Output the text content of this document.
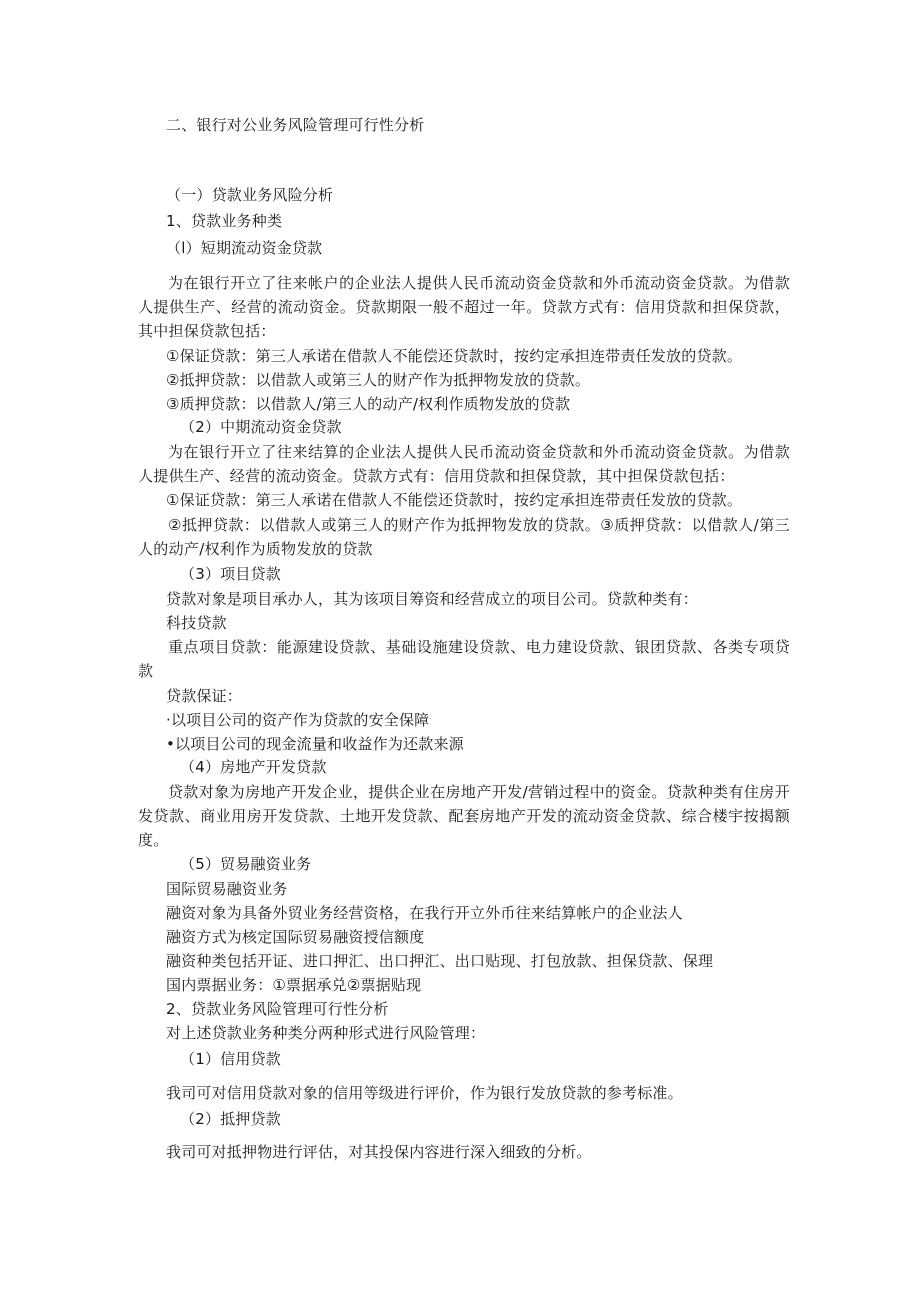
二、银行对公业务风险管理可行性分析
（一）贷款业务风险分析
1、贷款业务种类
（l）短期流动资金贷款
为在银行开立了往来帐户的企业法人提供人民币流动资金贷款和外币流动资金贷款。为借款人提供生产、经营的流动资金。贷款期限一般不超过一年。贷款方式有：信用贷款和担保贷款，其中担保贷款包括：
①保证贷款：第三人承诺在借款人不能偿还贷款时，按约定承担连带责任发放的贷款。
②抵押贷款：以借款人或第三人的财产作为抵押物发放的贷款。
③质押贷款：以借款人/第三人的动产/权利作质物发放的贷款
（2）中期流动资金贷款
为在银行开立了往来结算的企业法人提供人民币流动资金贷款和外币流动资金贷款。为借款人提供生产、经营的流动资金。贷款方式有：信用贷款和担保贷款，其中担保贷款包括：
①保证贷款：第三人承诺在借款人不能偿还贷款时，按约定承担连带责任发放的贷款。
②抵押贷款：以借款人或第三人的财产作为抵押物发放的贷款。③质押贷款：以借款人/第三人的动产/权利作为质物发放的贷款
（3）项目贷款
贷款对象是项目承办人，其为该项目筹资和经营成立的项目公司。贷款种类有：
科技贷款
重点项目贷款：能源建设贷款、基础设施建设贷款、电力建设贷款、银团贷款、各类专项贷款
贷款保证：
·以项目公司的资产作为贷款的安全保障
•以项目公司的现金流量和收益作为还款来源
（4）房地产开发贷款
贷款对象为房地产开发企业，提供企业在房地产开发/营销过程中的资金。贷款种类有住房开发贷款、商业用房开发贷款、土地开发贷款、配套房地产开发的流动资金贷款、综合楼宇按揭额度。
（5）贸易融资业务
国际贸易融资业务
融资对象为具备外贸业务经营资格，在我行开立外币往来结算帐户的企业法人
融资方式为核定国际贸易融资授信额度
融资种类包括开证、进口押汇、出口押汇、出口贴现、打包放款、担保贷款、保理
国内票据业务：①票据承兑②票据贴现
2、贷款业务风险管理可行性分析
对上述贷款业务种类分两种形式进行风险管理：
（1）信用贷款
我司可对信用贷款对象的信用等级进行评价，作为银行发放贷款的参考标准。
（2）抵押贷款
我司可对抵押物进行评估，对其投保内容进行深入细致的分析。
